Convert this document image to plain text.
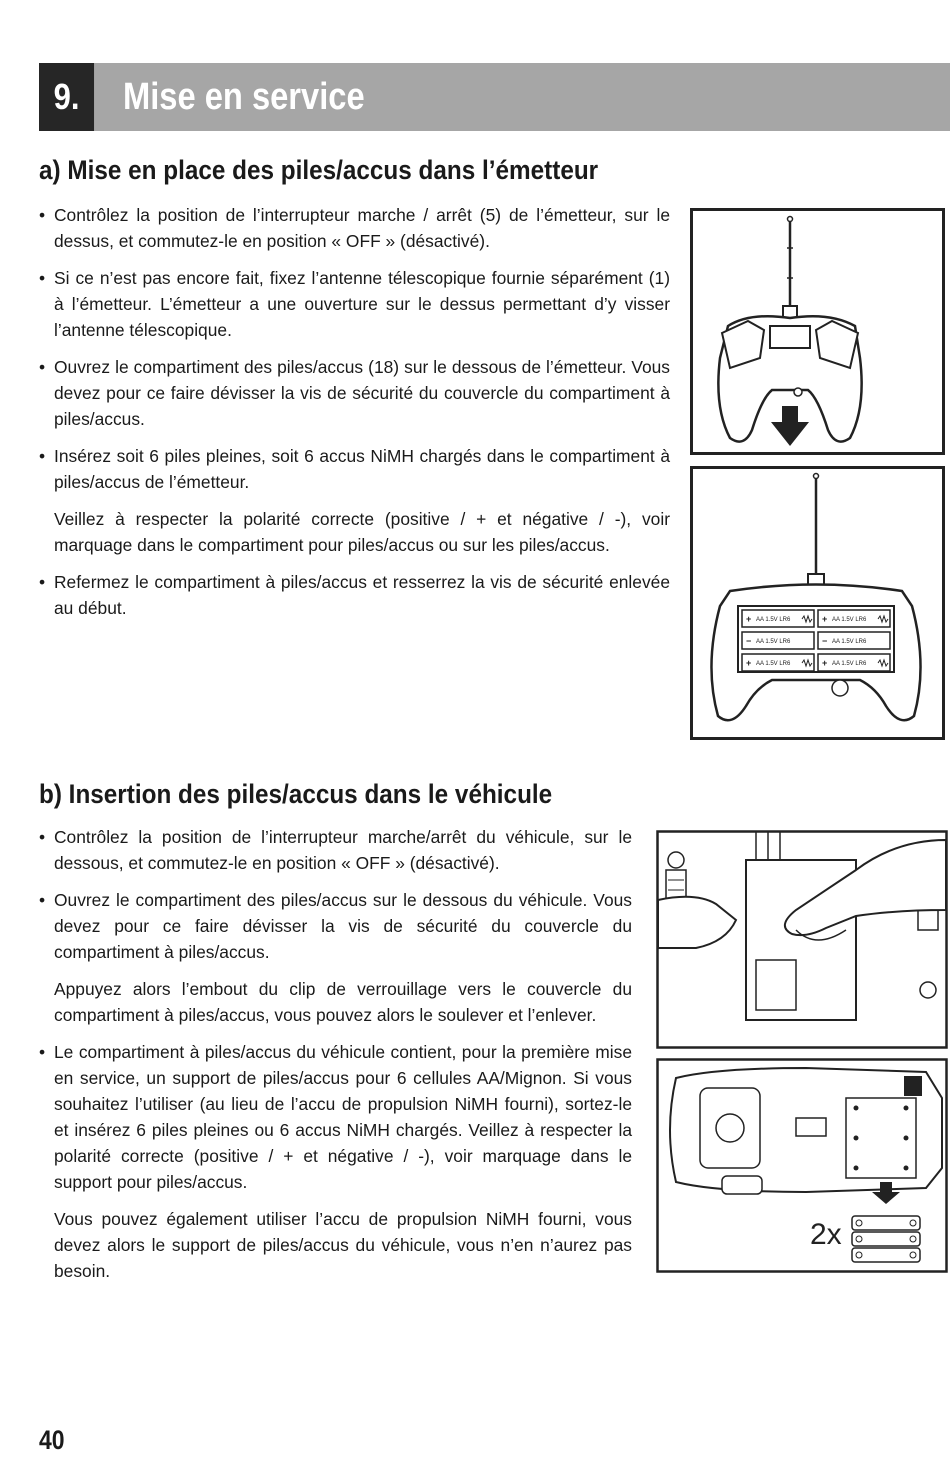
9.	Mise en service
a) Mise en place des piles/accus dans l’émetteur
• Contrôlez la position de l’interrupteur marche / arrêt (5) de l’émetteur, sur le dessus, et commutez-le en position « OFF » (désactivé).
• Si ce n’est pas encore fait, fixez l’antenne télescopique fournie séparément (1) à l’émetteur. L’émetteur a une ouverture sur le dessus permettant d’y visser l’antenne télescopique.
• Ouvrez le compartiment des piles/accus (18) sur le dessous de l’émetteur. Vous devez pour ce faire dévisser la vis de sécurité du couvercle du compartiment à piles/accus.
• Insérez soit 6 piles pleines, soit 6 accus NiMH chargés dans le compartiment à piles/accus de l’émetteur.
Veillez à respecter la polarité correcte (positive / + et négative / -), voir marquage dans le compartiment pour piles/accus ou sur les piles/accus.
• Refermez le compartiment à piles/accus et resserrez la vis de sécurité enlevée au début.
AA 1.5V LR6	AA 1.5V LR6
AA 1.5V LR6	AA 1.5V LR6
AA 1.5V LR6	AA 1.5V LR6
+	+
−	−
+	+
b) Insertion des piles/accus dans le véhicule
• Contrôlez la position de l’interrupteur marche/arrêt du véhicule, sur le dessous, et commutez-le en position « OFF » (désactivé).
• Ouvrez le compartiment des piles/accus sur le dessous du véhicule. Vous devez pour ce faire dévisser la vis de sécurité du couvercle du compartiment à piles/accus.
Appuyez alors l’embout du clip de verrouillage vers le couvercle du compartiment à piles/accus, vous pouvez alors le soulever et l’enlever.
• Le compartiment à piles/accus du véhicule contient, pour la première mise en service, un support de piles/accus pour 6 cellules AA/Mignon. Si vous souhaitez l’utiliser (au lieu de l’accu de propulsion NiMH fourni), sortez-le et insérez 6 piles pleines ou 6 accus NiMH chargés. Veillez à respecter la polarité correcte (positive / + et négative / -), voir marquage dans le support pour piles/accus.
Vous pouvez également utiliser l’accu de propulsion NiMH fourni, vous devez alors le support de piles/accus du véhicule, vous n’en n’aurez pas besoin.
2x
40
